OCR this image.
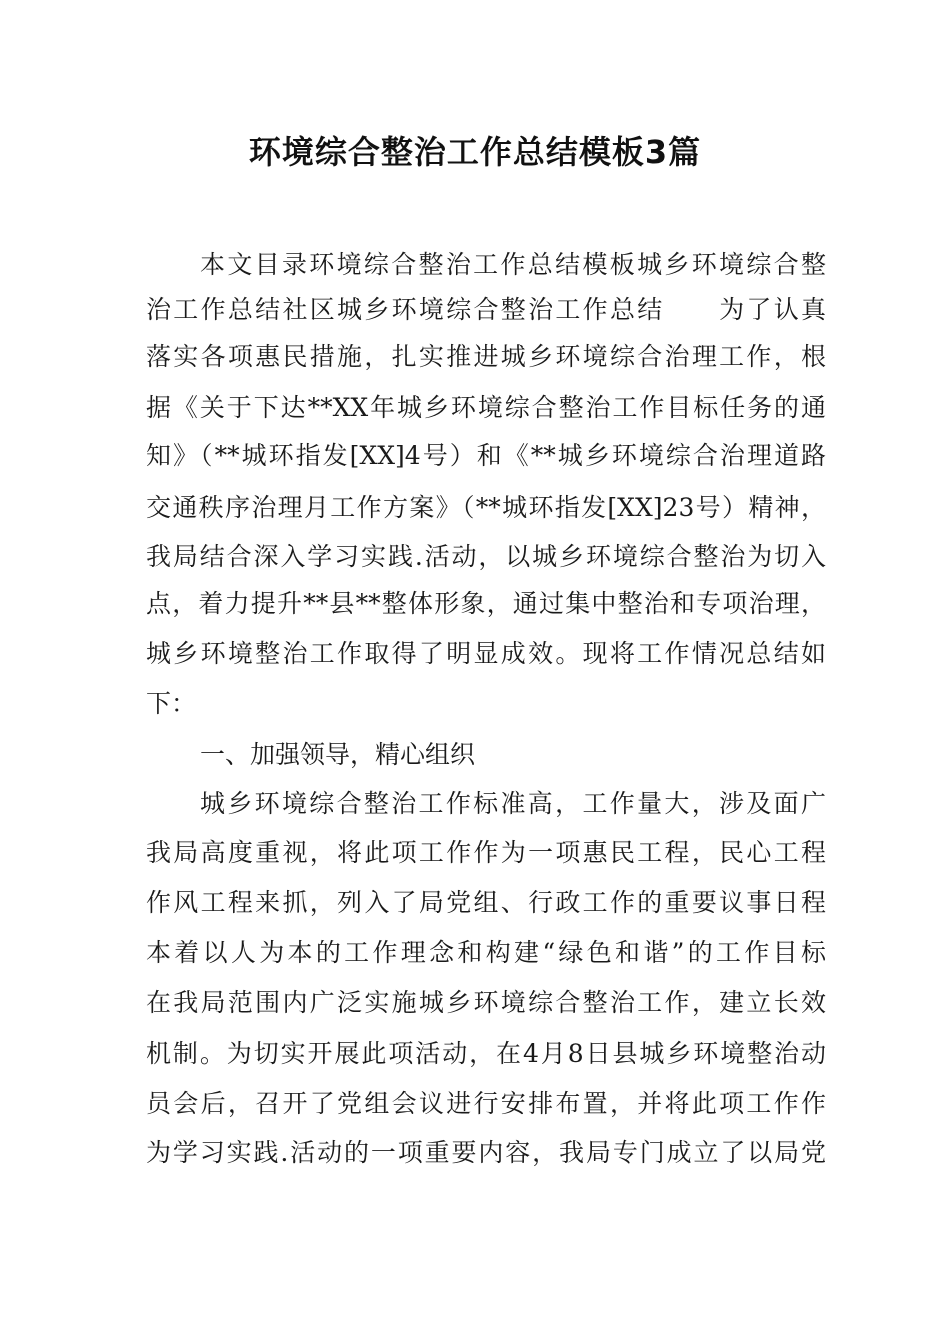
环境综合整治工作总结模板3篇
本文目录环境综合整治工作总结模板城乡环境综合整
治工作总结社区城乡环境综合整治工作总结　　为了认真
落实各项惠民措施，扎实推进城乡环境综合治理工作，根
据《关于下达**XX年城乡环境综合整治工作目标任务的通
知》（**城环指发[XX]4号）和《**城乡环境综合治理道路
交通秩序治理月工作方案》（**城环指发[XX]23号）精神，
我局结合深入学习实践.活动，以城乡环境综合整治为切入
点，着力提升**县**整体形象，通过集中整治和专项治理，
城乡环境整治工作取得了明显成效。现将工作情况总结如
下：
一、加强领导，精心组织
城乡环境综合整治工作标准高，工作量大，涉及面广
我局高度重视，将此项工作作为一项惠民工程，民心工程
作风工程来抓，列入了局党组、行政工作的重要议事日程
本着以人为本的工作理念和构建“绿色和谐”的工作目标
在我局范围内广泛实施城乡环境综合整治工作，建立长效
机制。为切实开展此项活动，在4月8日县城乡环境整治动
员会后，召开了党组会议进行安排布置，并将此项工作作
为学习实践.活动的一项重要内容，我局专门成立了以局党
